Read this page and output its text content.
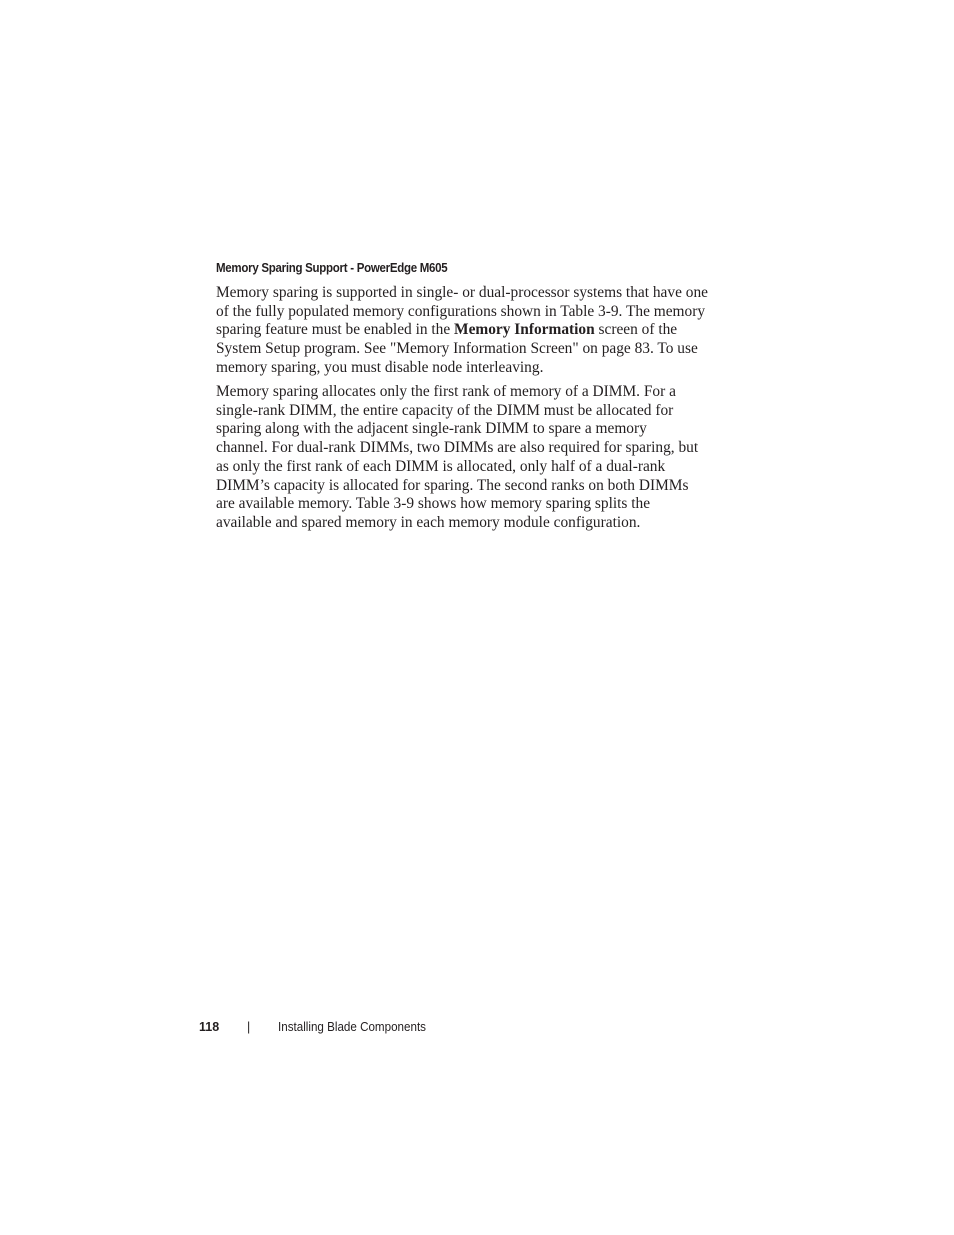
Memory Sparing Support - PowerEdge M605

Memory sparing is supported in single- or dual-processor systems that have one
of the fully populated memory configurations shown in Table 3-9. The memory
sparing feature must be enabled in the Memory Information screen of the
System Setup program. See "Memory Information Screen" on page 83. To use
memory sparing, you must disable node interleaving.

Memory sparing allocates only the first rank of memory of a DIMM. For a
single-rank DIMM, the entire capacity of the DIMM must be allocated for
sparing along with the adjacent single-rank DIMM to spare a memory
channel. For dual-rank DIMMs, two DIMMs are also required for sparing, but
as only the first rank of each DIMM is allocated, only half of a dual-rank
DIMM’s capacity is allocated for sparing. The second ranks on both DIMMs
are available memory. Table 3-9 shows how memory sparing splits the
available and spared memory in each memory module configuration.

118 | Installing Blade Components
